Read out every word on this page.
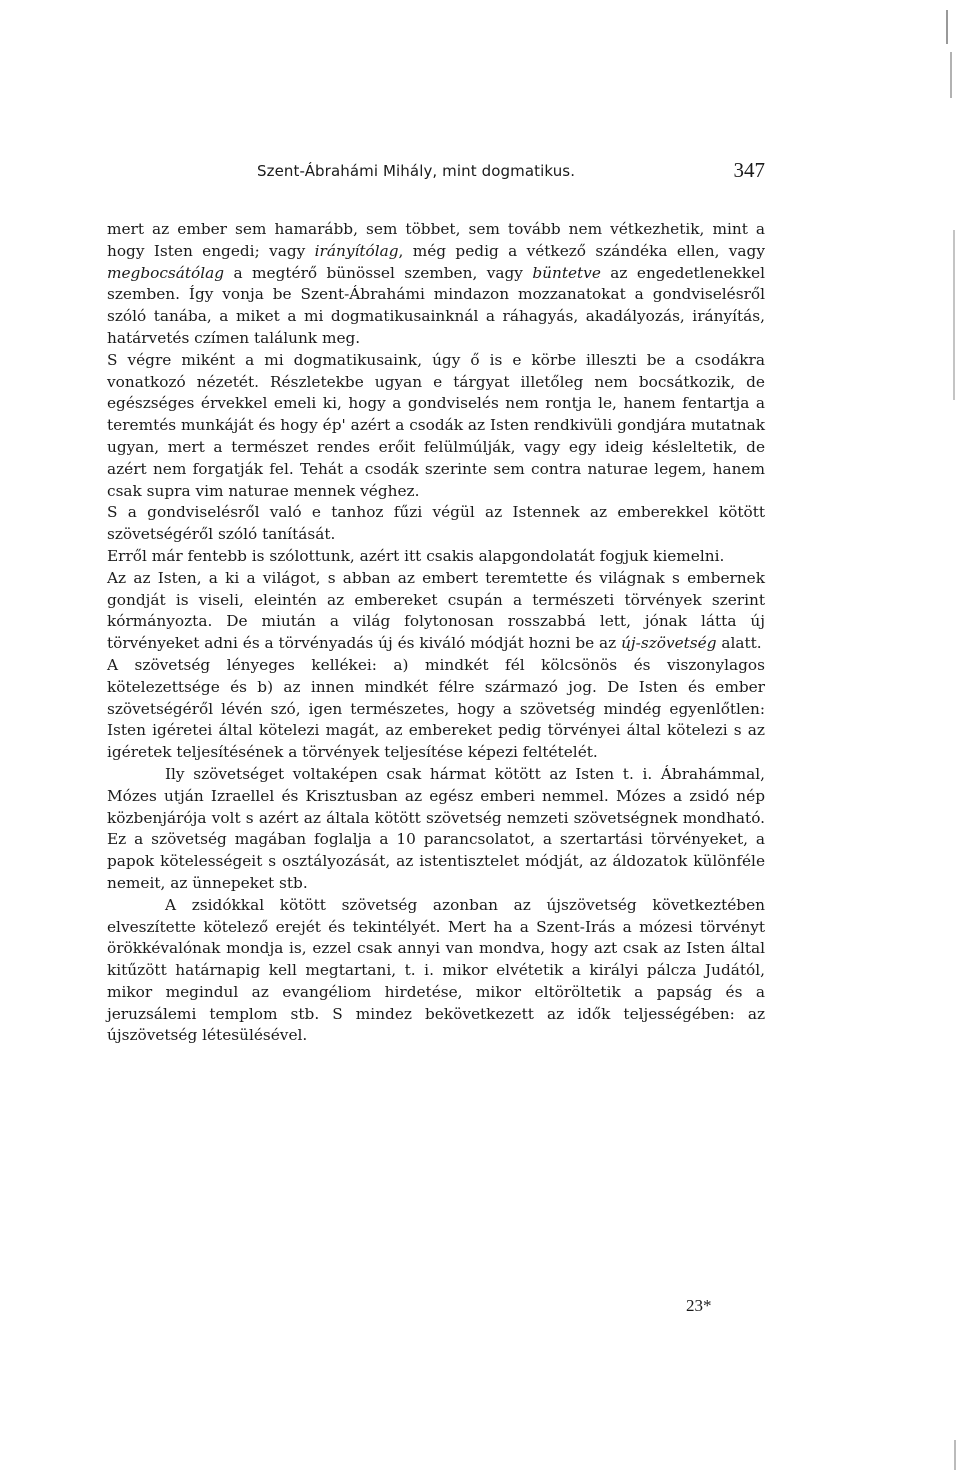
Szent-Ábrahámi Mihály, mint dogmatikus.	347

mert az ember sem hamarább, sem többet, sem tovább nem vétkezhetik, mint a hogy Isten engedi; vagy irányítólag, még pedig a vétkező szándéka ellen, vagy megbocsátólag a megtérő bünössel szemben, vagy büntetve az engedetlenekkel szemben. Így vonja be Szent-Ábrahámi mindazon mozzanatokat a gondviselésről szóló tanába, a miket a mi dogmatikusainknál a ráhagyás, akadályozás, irányítás, határvetés czímen találunk meg.

S végre miként a mi dogmatikusaink, úgy ő is e körbe illeszti be a csodákra vonatkozó nézetét. Részletekbe ugyan e tárgyat illetőleg nem bocsátkozik, de egészséges érvekkel emeli ki, hogy a gondviselés nem rontja le, hanem fentartja a teremtés munkáját és hogy ép' azért a csodák az Isten rendkivüli gondjára mutatnak ugyan, mert a természet rendes erőit felülmúlják, vagy egy ideig késleltetik, de azért nem forgatják fel. Tehát a csodák szerinte sem contra naturae legem, hanem csak supra vim naturae mennek véghez.

S a gondviselésről való e tanhoz fűzi végül az Istennek az emberekkel kötött szövetségéről szóló tanítását.

Erről már fentebb is szólottunk, azért itt csakis alapgondolatát fogjuk kiemelni.

Az az Isten, a ki a világot, s abban az embert teremtette és világnak s embernek gondját is viseli, eleintén az embereket csupán a természeti törvények szerint kórmányozta. De miután a világ folytonosan rosszabbá lett, jónak látta új törvényeket adni és a törvényadás új és kiváló módját hozni be az új-szövetség alatt.

A szövetség lényeges kellékei: a) mindkét fél kölcsönös és viszonylagos kötelezettsége és b) az innen mindkét félre származó jog. De Isten és ember szövetségéről lévén szó, igen természetes, hogy a szövetség mindég egyenlőtlen: Isten igéretei által kötelezi magát, az embereket pedig törvényei által kötelezi s az igéretek teljesítésének a törvények teljesítése képezi feltételét.

Ily szövetséget voltaképen csak hármat kötött az Isten t. i. Ábrahámmal, Mózes utján Izraellel és Krisztusban az egész emberi nemmel. Mózes a zsidó nép közbenjárója volt s azért az általa kötött szövetség nemzeti szövetségnek mondható. Ez a szövetség magában foglalja a 10 parancsolatot, a szertartási törvényeket, a papok kötelességeit s osztályozását, az istentisztelet módját, az áldozatok különféle nemeit, az ünnepeket stb.

A zsidókkal kötött szövetség azonban az újszövetség következtében elveszítette kötelező erejét és tekintélyét. Mert ha a Szent-Irás a mózesi törvényt örökkévalónak mondja is, ezzel csak annyi van mondva, hogy azt csak az Isten által kitűzött határnapig kell megtartani, t. i. mikor elvétetik a királyi pálcza Judától, mikor megindul az evangéliom hirdetése, mikor eltöröltetik a papság és a jeruzsálemi templom stb. S mindez bekövetkezett az idők teljességében: az újszövetség létesülésével.

23*
